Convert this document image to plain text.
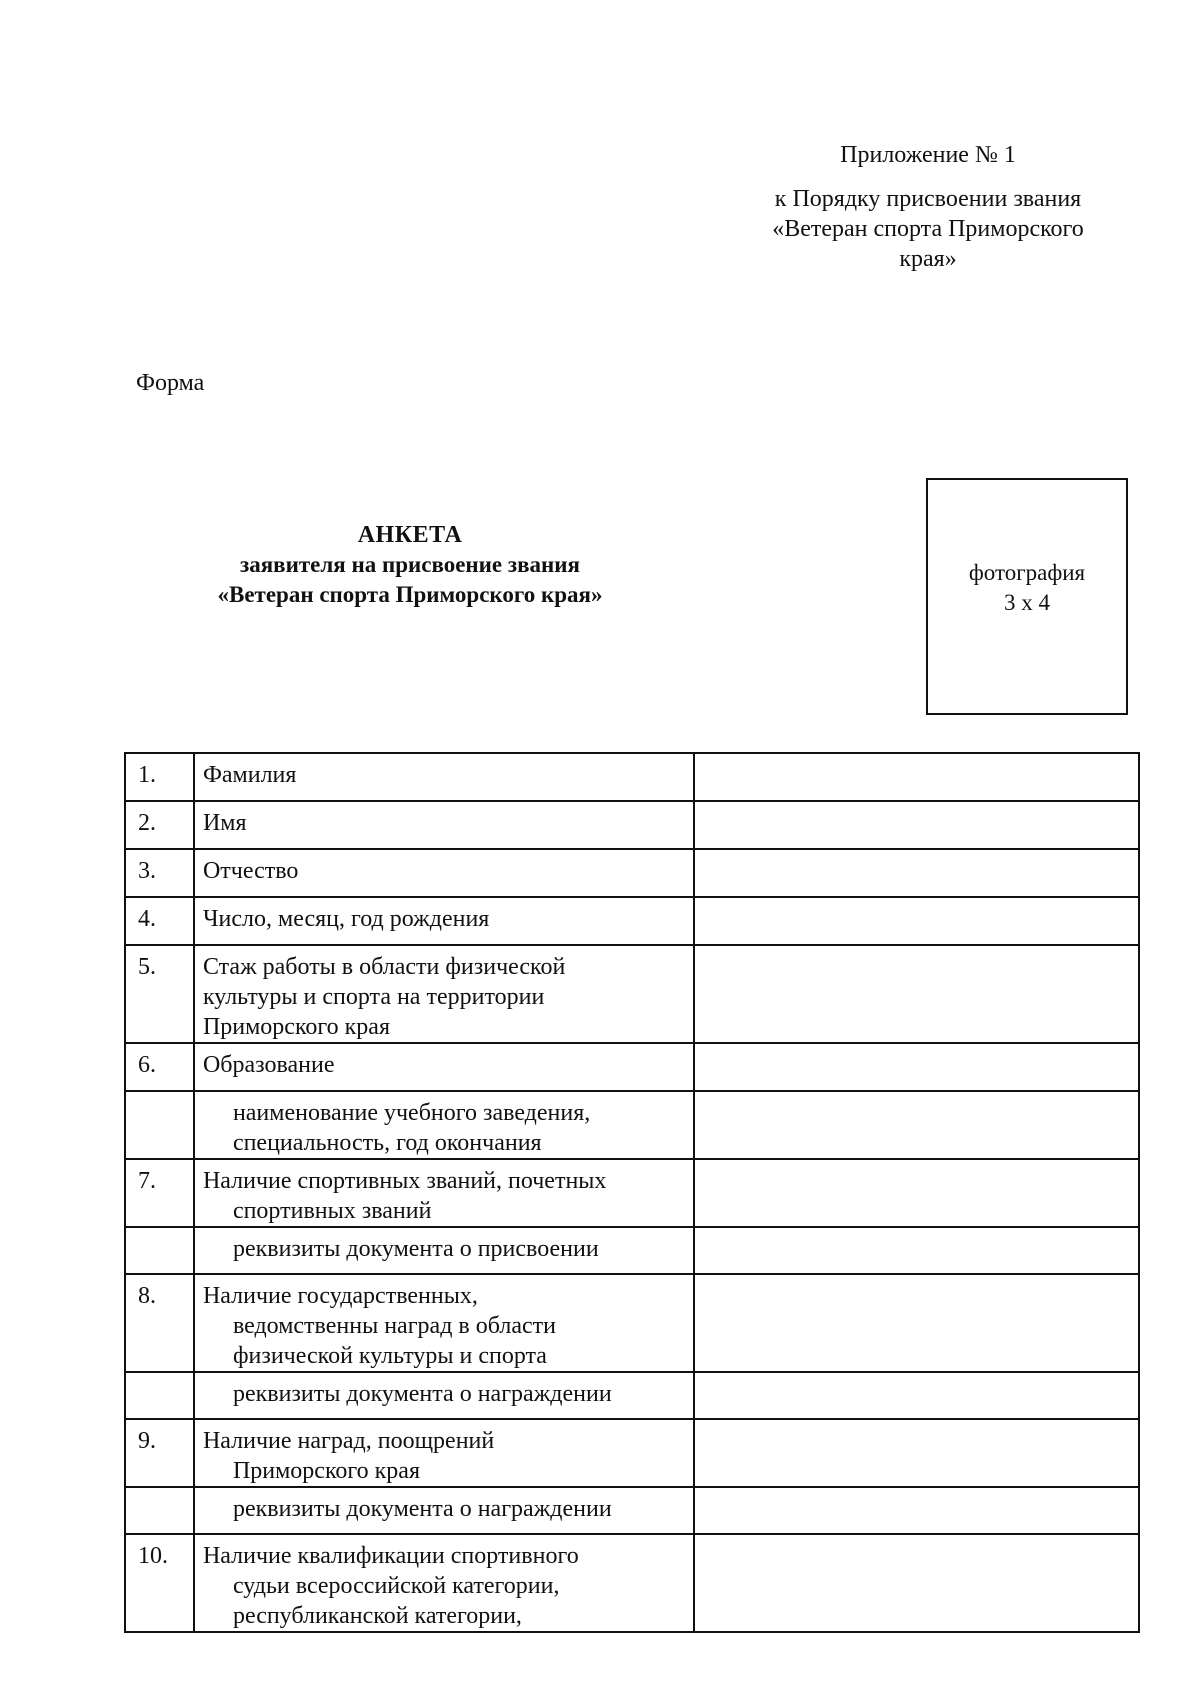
Приложение № 1
к Порядку присвоении звания
«Ветеран спорта Приморского
края»
Форма
АНКЕТА
заявителя на присвоение звания
«Ветеран спорта Приморского края»
фотография
3 х 4
1.	Фамилия	

2.	Имя	

3.	Отчество	

4.	Число, месяц, год рождения	

5.	Стаж работы в области физической
культуры и спорта на территории
Приморского края	

6.	Образование	

	наименование учебного заведения,
специальность, год окончания	

7.	Наличие спортивных званий, почетных
спортивных званий	

	реквизиты документа о присвоении	

8.	Наличие государственных,
ведомственны наград в области
физической культуры и спорта	

	реквизиты документа о награждении	

9.	Наличие наград, поощрений
Приморского края	

	реквизиты документа о награждении	

10.	Наличие квалификации спортивного
судьи всероссийской категории,
республиканской категории,	
